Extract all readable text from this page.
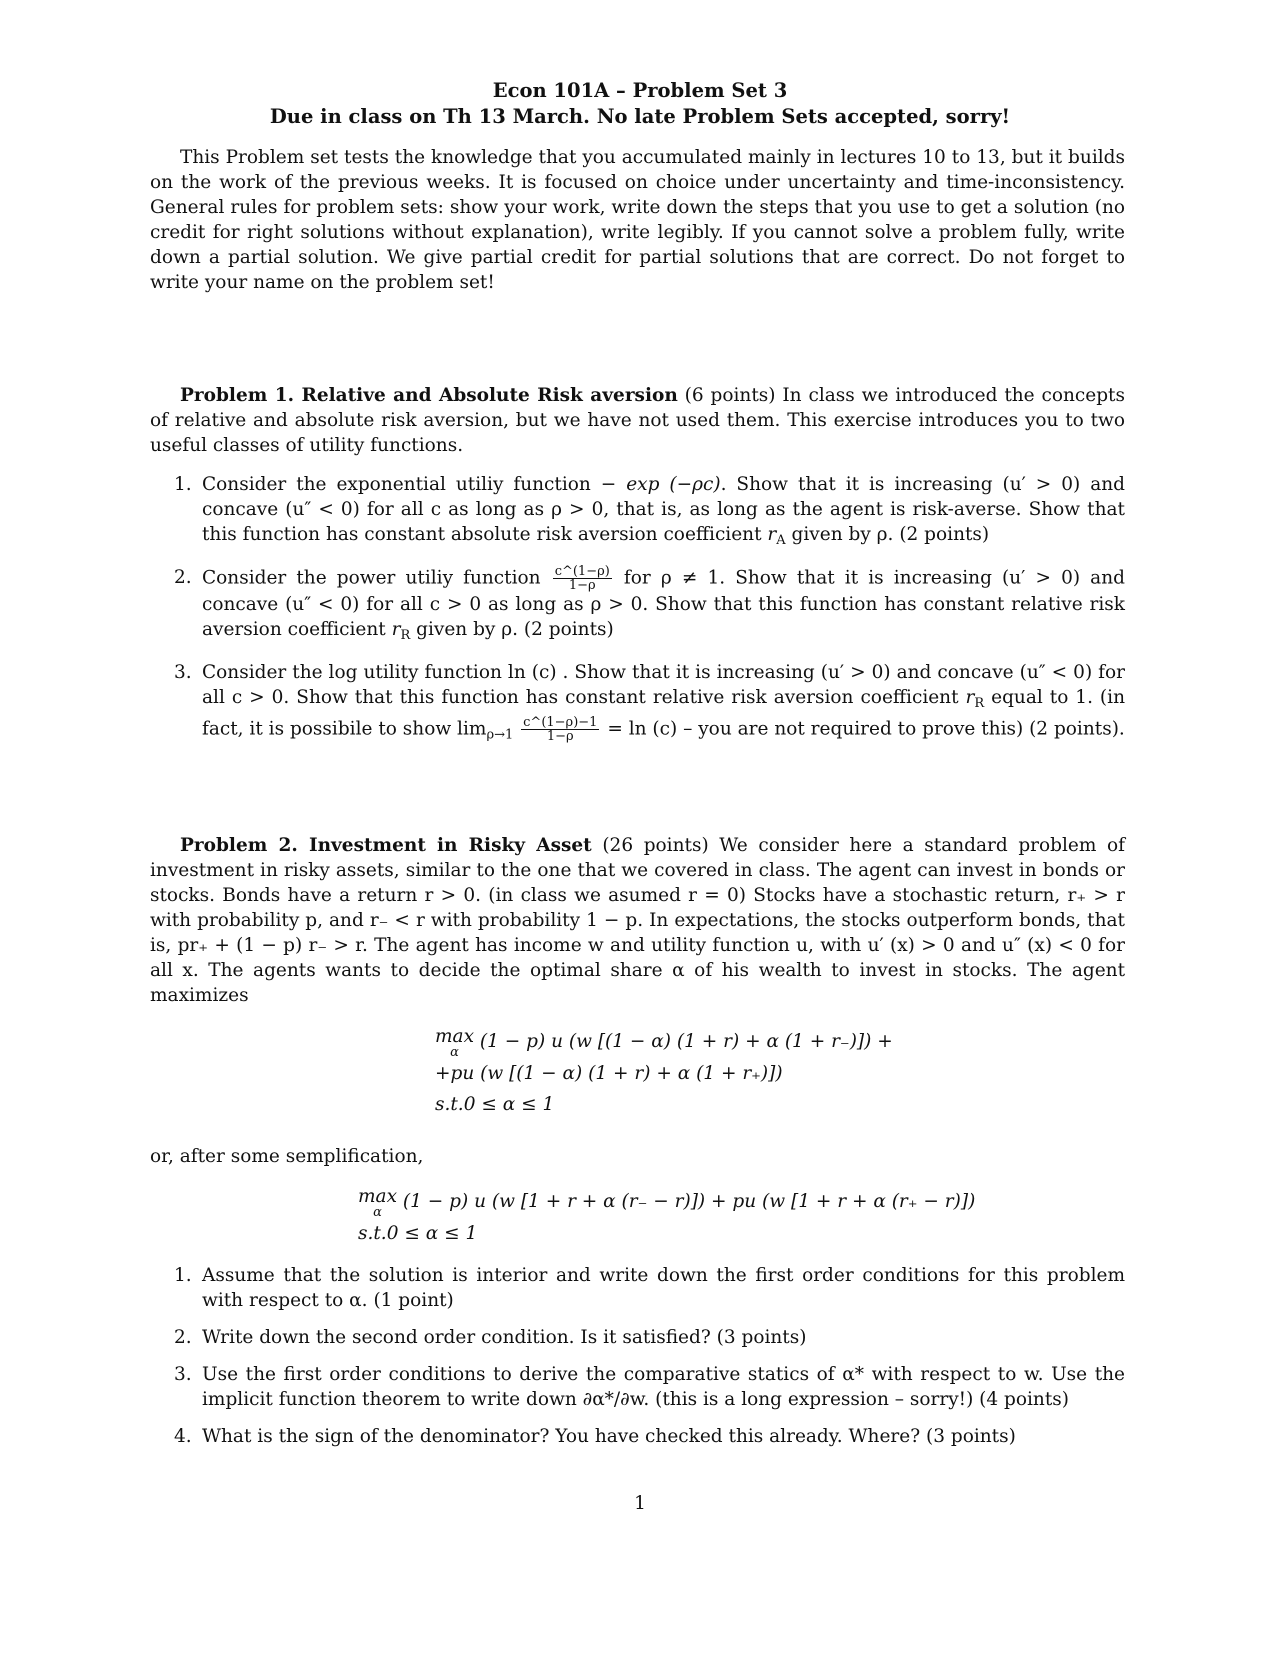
Econ 101A – Problem Set 3
Due in class on Th 13 March. No late Problem Sets accepted, sorry!

This Problem set tests the knowledge that you accumulated mainly in lectures 10 to 13, but it builds on the work of the previous weeks. It is focused on choice under uncertainty and time-inconsistency. General rules for problem sets: show your work, write down the steps that you use to get a solution (no credit for right solutions without explanation), write legibly. If you cannot solve a problem fully, write down a partial solution. We give partial credit for partial solutions that are correct. Do not forget to write your name on the problem set!

Problem 1. Relative and Absolute Risk aversion (6 points) In class we introduced the concepts of relative and absolute risk aversion, but we have not used them. This exercise introduces you to two useful classes of utility functions.

1. Consider the exponential utiliy function − exp (−ρc). Show that it is increasing (u′ > 0) and concave (u″ < 0) for all c as long as ρ > 0, that is, as long as the agent is risk-averse. Show that this function has constant absolute risk aversion coefficient $r_A$ given by ρ. (2 points)
2. Consider the power utiliy function $\frac{c\^{}(1-\rho)}{1-\rho}$ for ρ ≠ 1. Show that it is increasing (u′ > 0) and concave (u″ < 0) for all c > 0 as long as ρ > 0. Show that this function has constant relative risk aversion coefficient $r_R$ given by ρ. (2 points)
3. Consider the log utility function ln (c) . Show that it is increasing (u′ > 0) and concave (u″ < 0) for all c > 0. Show that this function has constant relative risk aversion coefficient $r_R$ equal to 1. (in fact, it is possibile to show $\lim_{\rho\to 1} \frac{c\^{}(1-\rho)-1}{1-\rho} = \ln (c)$ – you are not required to prove this) (2 points).

Problem 2. Investment in Risky Asset (26 points) We consider here a standard problem of investment in risky assets, similar to the one that we covered in class. The agent can invest in bonds or stocks. Bonds have a return r > 0. (in class we asumed r = 0) Stocks have a stochastic return, r₊ > r with probability p, and r₋ < r with probability 1 − p. In expectations, the stocks outperform bonds, that is, pr₊ + (1 − p) r₋ > r. The agent has income w and utility function u, with u′ (x) > 0 and u″ (x) < 0 for all x. The agents wants to decide the optimal share α of his wealth to invest in stocks. The agent maximizes

max
α
(1 − p) u (w [(1 − α) (1 + r) + α (1 + r₋)]) +
+pu (w [(1 − α) (1 + r) + α (1 + r₊)])
s.t.0 ≤ α ≤ 1

or, after some semplification,

max
α
(1 − p) u (w [1 + r + α (r₋ − r)]) + pu (w [1 + r + α (r₊ − r)])
s.t.0 ≤ α ≤ 1
1. Assume that the solution is interior and write down the first order conditions for this problem with respect to α. (1 point)
2. Write down the second order condition. Is it satisfied? (3 points)
3. Use the first order conditions to derive the comparative statics of α* with respect to w. Use the implicit function theorem to write down ∂α*/∂w. (this is a long expression – sorry!) (4 points)
4. What is the sign of the denominator? You have checked this already. Where? (3 points)
1
